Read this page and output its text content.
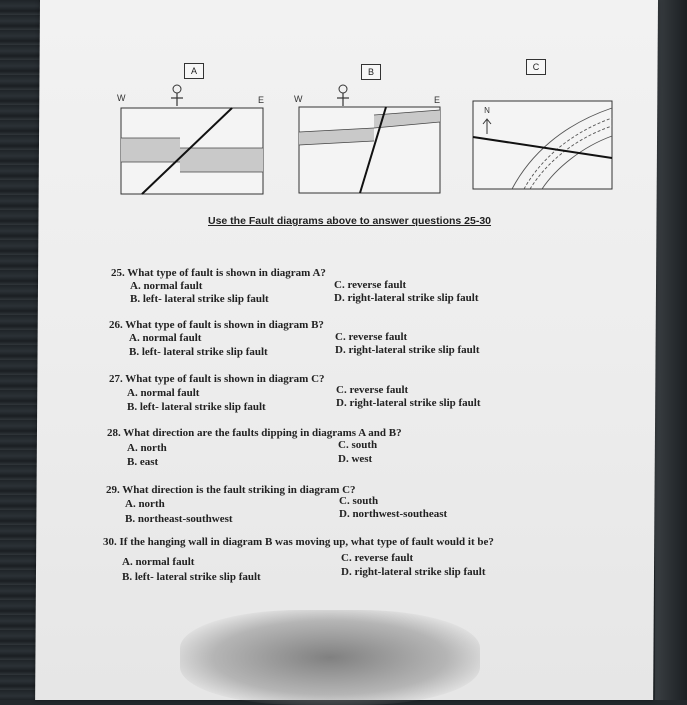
A
W	E
B
W	E
C
N
Use the Fault diagrams above to answer questions 25-30
25. What type of fault is shown in diagram A?
A. normal fault
B. left- lateral strike slip fault
C. reverse fault
D. right-lateral strike slip fault
26. What type of fault is shown in diagram B?
A. normal fault
B. left- lateral strike slip fault
C. reverse fault
D. right-lateral strike slip fault
27. What type of fault is shown in diagram C?
A. normal fault
B. left- lateral strike slip fault
C. reverse fault
D. right-lateral strike slip fault
28. What direction are the faults dipping in diagrams A and B?
A. north
B. east
C. south
D. west
29. What direction is the fault striking in diagram C?
A. north
B. northeast-southwest
C. south
D. northwest-southeast
30. If the hanging wall in diagram B was moving up, what type of fault would it be?
A. normal fault
B. left- lateral strike slip fault
C. reverse fault
D. right-lateral strike slip fault
